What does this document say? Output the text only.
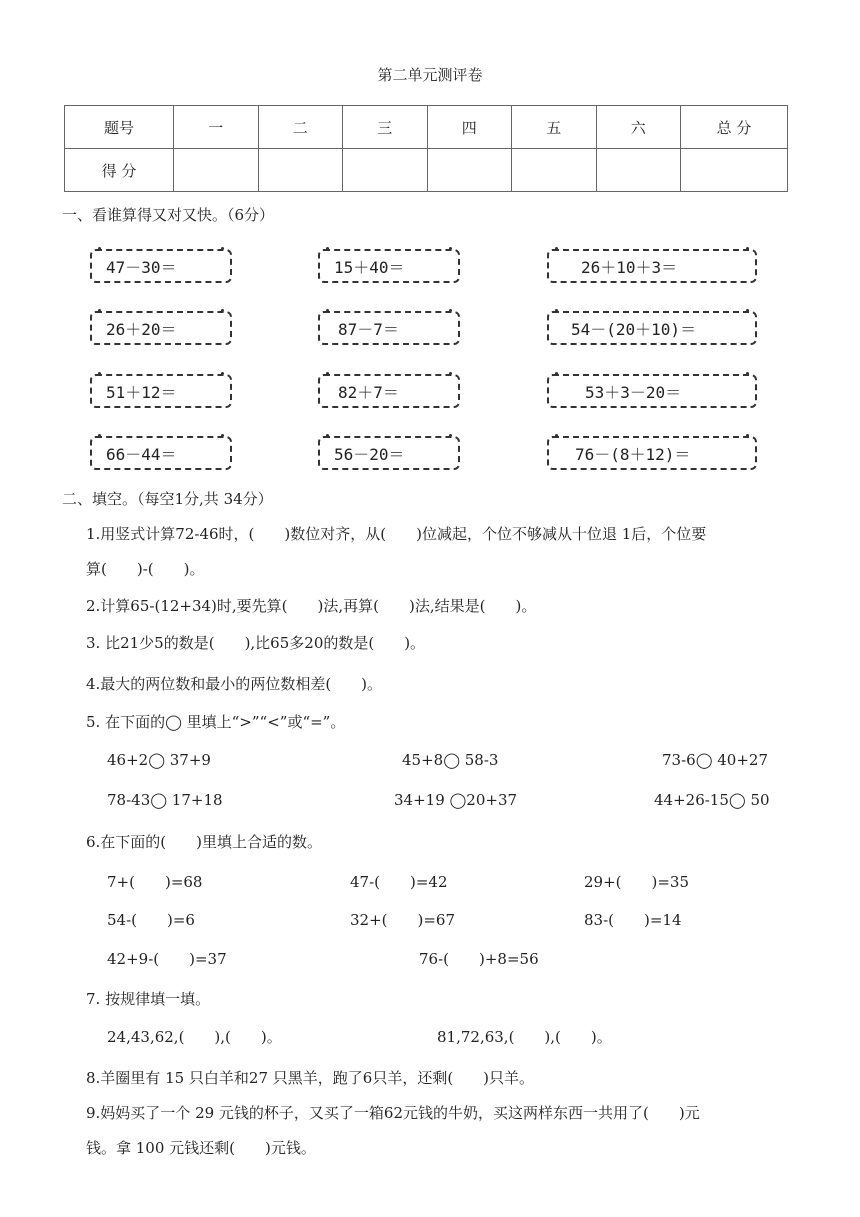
第二单元测评卷
题号	一	二	三	四	五	六	总 分
得 分							
一、看谁算得又对又快。（6分）
47－30＝	15＋40＝	26＋10＋3＝
26＋20＝	87－7＝	54－(20＋10)＝
51＋12＝	82＋7＝	53＋3－20＝
66－44＝	56－20＝	76－(8＋12)＝
二、填空。（每空1分,共 34分）
1.用竖式计算72-46时，(　　)数位对齐，从(　　)位减起，个位不够减从十位退 1后，个位要
算(　　)-(　　)。
2.计算65-(12+34)时,要先算(　　)法,再算(　　)法,结果是(　　)。
3. 比21少5的数是(　　),比65多20的数是(　　)。
4.最大的两位数和最小的两位数相差(　　)。
5. 在下面的◯ 里填上“>”“<”或“=”。
46+2◯ 37+9	45+8◯ 58-3	73-6◯ 40+27
78-43◯ 17+18	34+19 ◯20+37	44+26-15◯ 50
6.在下面的(　　)里填上合适的数。
7+(　　)=68	47-(　　)=42	29+(　　)=35
54-(　　)=6	32+(　　)=67	83-(　　)=14
42+9-(　　)=37	76-(　　)+8=56
7. 按规律填一填。
24,43,62,(　　),(　　)。	81,72,63,(　　),(　　)。
8.羊圈里有 15 只白羊和27 只黑羊，跑了6只羊，还剩(　　)只羊。
9.妈妈买了一个 29 元钱的杯子，又买了一箱62元钱的牛奶，买这两样东西一共用了(　　)元
钱。拿 100 元钱还剩(　　)元钱。
